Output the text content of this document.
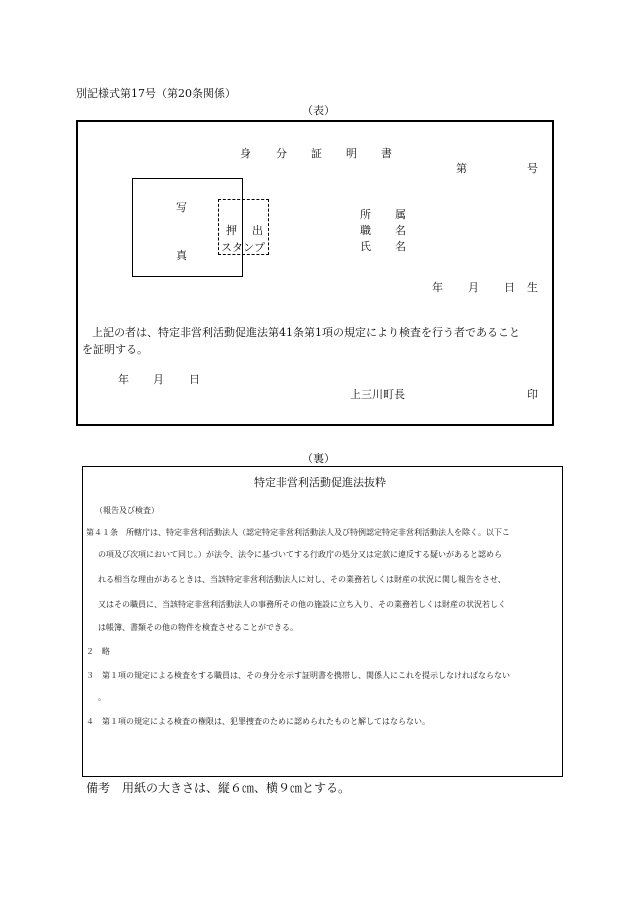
別記様式第17号（第20条関係）
（表）
身 分 証 明 書
第	号
写
真
押 出
スタンプ
所 属
職 名
氏 名
年 月 日 生
上記の者は、特定非営利活動促進法第41条第1項の規定により検査を行う者であること
を証明する。
年 月 日
上三川町長	印
（裏）
特定非営利活動促進法抜粋
（報告及び検査）
第４１条　所轄庁は、特定非営利活動法人（認定特定非営利活動法人及び特例認定特定非営利活動法人を除く。以下こ
の項及び次項において同じ。）が法令、法令に基づいてする行政庁の処分又は定款に違反する疑いがあると認めら
れる相当な理由があるときは、当該特定非営利活動法人に対し、その業務若しくは財産の状況に関し報告をさせ、
又はその職員に、当該特定非営利活動法人の事務所その他の施設に立ち入り、その業務若しくは財産の状況若しく
は帳簿、書類その他の物件を検査させることができる。
２　略
３　第１項の規定による検査をする職員は、その身分を示す証明書を携帯し、関係人にこれを提示しなければならない
。
４　第１項の規定による検査の権限は、犯罪捜査のために認められたものと解してはならない。
備考　用紙の大きさは、縦６㎝、横９㎝とする。
